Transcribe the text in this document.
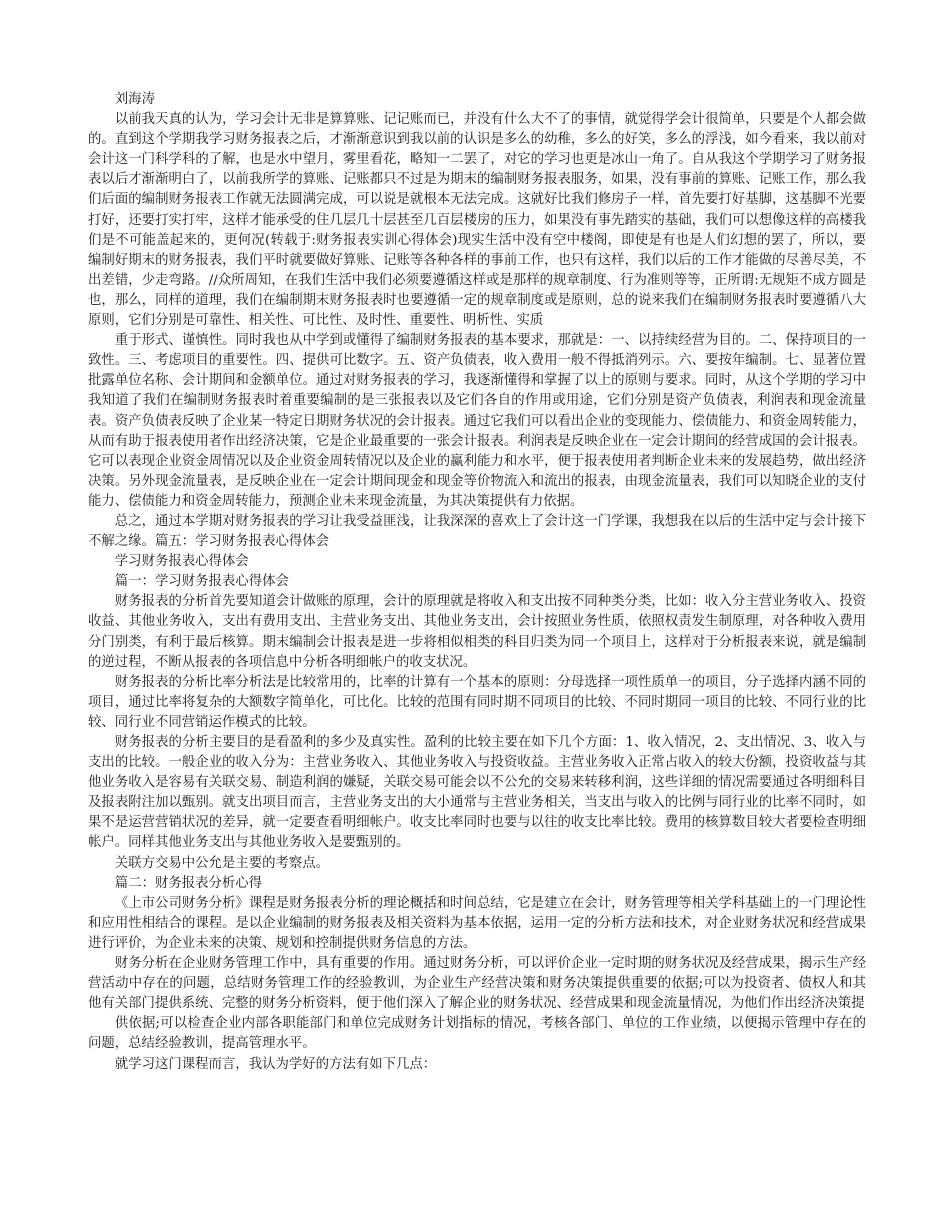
刘海涛

以前我天真的认为，学习会计无非是算算账、记记账而已，并没有什么大不了的事情，就觉得学会计很简单，只要是个人都会做的。直到这个学期我学习财务报表之后，才渐渐意识到我以前的认识是多么的幼稚，多么的好笑，多么的浮浅，如今看来，我以前对会计这一门科学科的了解，也是水中望月，雾里看花，略知一二罢了，对它的学习也更是冰山一角了。自从我这个学期学习了财务报表以后才渐渐明白了，以前我所学的算账、记账都只不过是为期末的编制财务报表服务，如果，没有事前的算账、记账工作，那么我们后面的编制财务报表工作就无法圆满完成，可以说是就根本无法完成。这就好比我们修房子一样，首先要打好基脚，这基脚不光要打好，还要打实打牢，这样才能承受的住几层几十层甚至几百层楼房的压力，如果没有事先踏实的基础，我们可以想像这样的高楼我们是不可能盖起来的，更何况(转载于:财务报表实训心得体会)现实生活中没有空中楼阁，即使是有也是人们幻想的罢了，所以，要编制好期末的财务报表，我们平时就要做好算账、记账等各种各样的事前工作，也只有这样，我们以后的工作才能做的尽善尽美，不出差错，少走弯路。//众所周知，在我们生活中我们必须要遵循这样或是那样的规章制度、行为准则等等，正所谓:无规矩不成方圆是也，那么，同样的道理，我们在编制期末财务报表时也要遵循一定的规章制度或是原则，总的说来我们在编制财务报表时要遵循八大原则，它们分别是可靠性、相关性、可比性、及时性、重要性、明析性、实质

重于形式、谨慎性。同时我也从中学到或懂得了编制财务报表的基本要求，那就是：一、以持续经营为目的。二、保持项目的一致性。三、考虑项目的重要性。四、提供可比数字。五、资产负债表，收入费用一般不得抵消列示。六、要按年编制。七、显著位置批露单位名称、会计期间和金额单位。通过对财务报表的学习，我逐渐懂得和掌握了以上的原则与要求。同时，从这个学期的学习中我知道了我们在编制财务报表时着重要编制的是三张报表以及它们各自的作用或用途，它们分别是资产负债表，利润表和现金流量表。资产负债表反映了企业某一特定日期财务状况的会计报表。通过它我们可以看出企业的变现能力、偿债能力、和资金周转能力，从而有助于报表使用者作出经济决策，它是企业最重要的一张会计报表。利润表是反映企业在一定会计期间的经营成国的会计报表。它可以表现企业资金周情况以及企业资金周转情况以及企业的赢利能力和水平，便于报表使用者判断企业未来的发展趋势，做出经济决策。另外现金流量表，是反映企业在一定会计期间现金和现金等价物流入和流出的报表，由现金流量表，我们可以知晓企业的支付能力、偿债能力和资金周转能力，预测企业未来现金流量，为其决策提供有力依据。

总之，通过本学期对财务报表的学习让我受益匪浅，让我深深的喜欢上了会计这一门学课，我想我在以后的生活中定与会计接下不解之缘。篇五：学习财务报表心得体会

学习财务报表心得体会

篇一：学习财务报表心得体会

财务报表的分析首先要知道会计做账的原理，会计的原理就是将收入和支出按不同种类分类，比如：收入分主营业务收入、投资收益、其他业务收入，支出有费用支出、主营业务支出、其他业务支出，会计按照业务性质，依照权责发生制原理，对各种收入费用分门别类，有利于最后核算。期末编制会计报表是进一步将相似相类的科目归类为同一个项目上，这样对于分析报表来说，就是编制的逆过程，不断从报表的各项信息中分析各明细帐户的收支状况。

财务报表的分析比率分析法是比较常用的，比率的计算有一个基本的原则：分母选择一项性质单一的项目，分子选择内涵不同的项目，通过比率将复杂的大额数字简单化，可比化。比较的范围有同时期不同项目的比较、不同时期同一项目的比较、不同行业的比较、同行业不同营销运作模式的比较。

财务报表的分析主要目的是看盈利的多少及真实性。盈利的比较主要在如下几个方面：1、收入情况，2、支出情况、3、收入与支出的比较。一般企业的收入分为：主营业务收入、其他业务收入与投资收益。主营业务收入正常占收入的较大份额，投资收益与其他业务收入是容易有关联交易、制造利润的嫌疑，关联交易可能会以不公允的交易来转移利润，这些详细的情况需要通过各明细科目及报表附注加以甄别。就支出项目而言，主营业务支出的大小通常与主营业务相关，当支出与收入的比例与同行业的比率不同时，如果不是运营营销状况的差异，就一定要查看明细帐户。收支比率同时也要与以往的收支比率比较。费用的核算数目较大者要检查明细帐户。同样其他业务支出与其他业务收入是要甄别的。

关联方交易中公允是主要的考察点。

篇二：财务报表分析心得

《上市公司财务分析》课程是财务报表分析的理论概括和时间总结，它是建立在会计，财务管理等相关学科基础上的一门理论性和应用性相结合的课程。是以企业编制的财务报表及相关资料为基本依据，运用一定的分析方法和技术，对企业财务状况和经营成果进行评价，为企业未来的决策、规划和控制提供财务信息的方法。

财务分析在企业财务管理工作中，具有重要的作用。通过财务分析，可以评价企业一定时期的财务状况及经营成果，揭示生产经营活动中存在的问题，总结财务管理工作的经验教训，为企业生产经营决策和财务决策提供重要的依据;可以为投资者、债权人和其他有关部门提供系统、完整的财务分析资料，便于他们深入了解企业的财务状况、经营成果和现金流量情况，为他们作出经济决策提

供依据;可以检查企业内部各职能部门和单位完成财务计划指标的情况，考核各部门、单位的工作业绩，以便揭示管理中存在的问题，总结经验教训，提高管理水平。

就学习这门课程而言，我认为学好的方法有如下几点：
